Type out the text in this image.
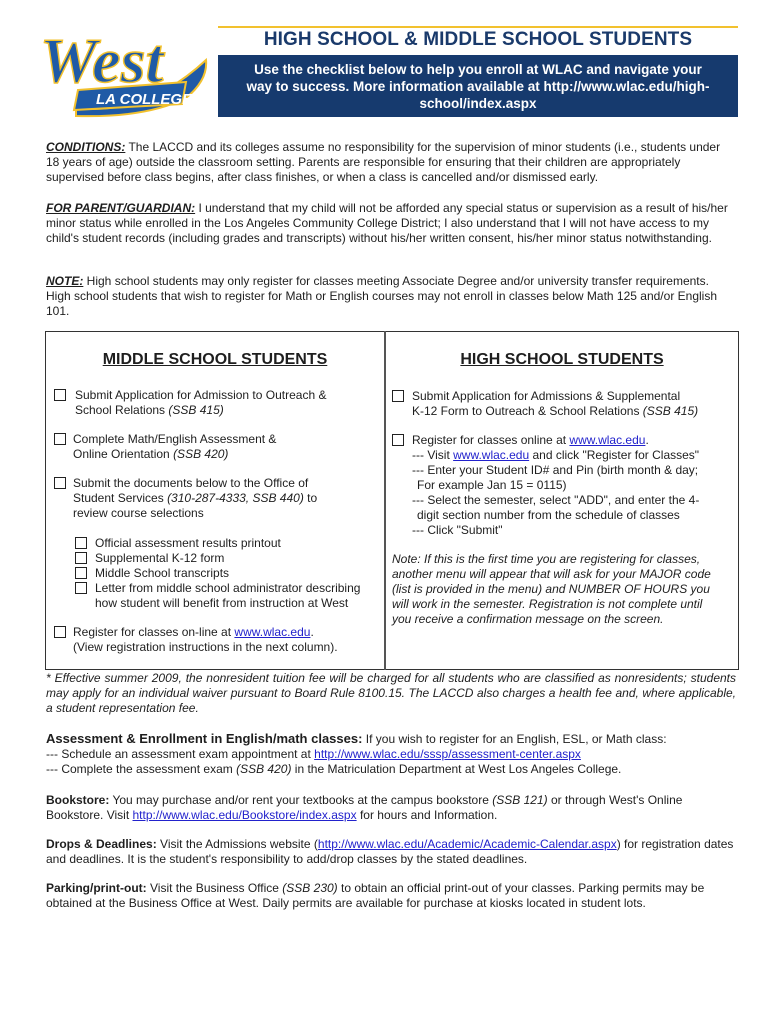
LA COLLEGE
West	HIGH SCHOOL & MIDDLE SCHOOL STUDENTS
Use the checklist below to help you enroll at WLAC and navigate your
way to success. More information available at http://www.wlac.edu/high-
school/index.aspx
CONDITIONS: The LACCD and its colleges assume no responsibility for the supervision of minor students (i.e., students under 18 years of age) outside the classroom setting. Parents are responsible for ensuring that their children are appropriately supervised before class begins, after class finishes, or when a class is cancelled and/or dismissed early.
FOR PARENT/GUARDIAN: I understand that my child will not be afforded any special status or supervision as a result of his/her minor status while enrolled in the Los Angeles Community College District; I also understand that I will not have access to my child's student records (including grades and transcripts) without his/her written consent, his/her minor status notwithstanding.
NOTE: High school students may only register for classes meeting Associate Degree and/or university transfer requirements. High school students that wish to register for Math or English courses may not enroll in classes below Math 125 and/or English 101.
MIDDLE SCHOOL STUDENTS
Submit Application for Admission to Outreach &
School Relations (SSB 415)
Complete Math/English Assessment &
Online Orientation (SSB 420)
Submit the documents below to the Office of
Student Services (310-287-4333, SSB 440) to
review course selections
Official assessment results printout
Supplemental K-12 form
Middle School transcripts
Letter from middle school administrator describing
how student will benefit from instruction at West
Register for classes on-line at www.wlac.edu.
(View registration instructions in the next column).
HIGH SCHOOL STUDENTS
Submit Application for Admissions & Supplemental
K-12 Form to Outreach & School Relations (SSB 415)
Register for classes online at www.wlac.edu.
--- Visit www.wlac.edu and click "Register for Classes"
--- Enter your Student ID# and Pin (birth month & day;
For example Jan 15 = 0115)
--- Select the semester, select "ADD", and enter the 4-
digit section number from the schedule of classes
--- Click "Submit"
Note: If this is the first time you are registering for classes,
another menu will appear that will ask for your MAJOR code
(list is provided in the menu) and NUMBER OF HOURS you
will work in the semester. Registration is not complete until
you receive a confirmation message on the screen.
* Effective summer 2009, the nonresident tuition fee will be charged for all students who are classified as nonresidents; students may apply for an individual waiver pursuant to Board Rule 8100.15. The LACCD also charges a health fee and, where applicable, a student representation fee.
Assessment & Enrollment in English/math classes: If you wish to register for an English, ESL, or Math class:
--- Schedule an assessment exam appointment at http://www.wlac.edu/sssp/assessment-center.aspx
--- Complete the assessment exam (SSB 420) in the Matriculation Department at West Los Angeles College.
Bookstore: You may purchase and/or rent your textbooks at the campus bookstore (SSB 121) or through West's Online Bookstore. Visit http://www.wlac.edu/Bookstore/index.aspx for hours and Information.
Drops & Deadlines: Visit the Admissions website (http://www.wlac.edu/Academic/Academic-Calendar.aspx) for registration dates and deadlines. It is the student's responsibility to add/drop classes by the stated deadlines.
Parking/print-out: Visit the Business Office (SSB 230) to obtain an official print-out of your classes. Parking permits may be obtained at the Business Office at West. Daily permits are available for purchase at kiosks located in student lots.
